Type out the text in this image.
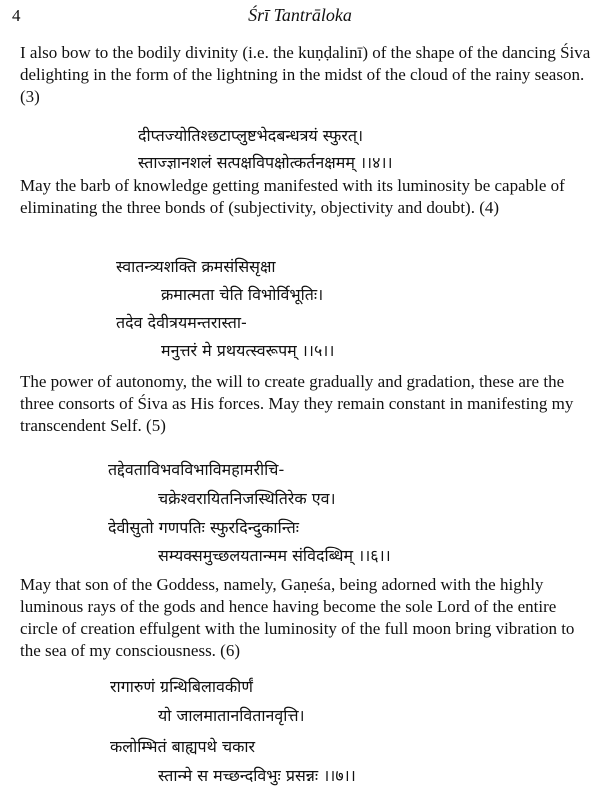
4	Śrī Tantrāloka
I also bow to the bodily divinity (i.e. the kuṇḍalinī) of the shape of the dancing Śiva delighting in the form of the lightning in the midst of the cloud of the rainy season. (3)
दीप्तज्योतिश्छटाप्लुष्टभेदबन्धत्रयं स्फुरत्।
स्ताज्ज्ञानशलं सत्पक्षविपक्षोत्कर्तनक्षमम् ।।४।।
May the barb of knowledge getting manifested with its luminosity be capable of eliminating the three bonds of (subjectivity, objectivity and doubt). (4)
स्वातन्त्र्यशक्ति क्रमसंसिसृक्षा
क्रमात्मता चेति विभोर्विभूतिः।
तदेव देवीत्रयमन्तरास्ता-
मनुत्तरं मे प्रथयत्स्वरूपम् ।।५।।
The power of autonomy, the will to create gradually and gradation, these are the three consorts of Śiva as His forces. May they remain constant in manifesting my transcendent Self. (5)
तद्देवताविभवविभाविमहामरीचि-
चक्रेश्वरायितनिजस्थितिरेक एव।
देवीसुतो गणपतिः स्फुरदिन्दुकान्तिः
सम्यक्समुच्छलयतान्मम संविदब्धिम् ।।६।।
May that son of the Goddess, namely, Gaṇeśa, being adorned with the highly luminous rays of the gods and hence having become the sole Lord of the entire circle of creation effulgent with the luminosity of the full moon bring vibration to the sea of my consciousness. (6)
रागारुणं ग्रन्थिबिलावकीर्णं
यो जालमातानवितानवृत्ति।
कलोम्भितं बाह्यपथे चकार
स्तान्मे स मच्छन्दविभुः प्रसन्नः ।।७।।
